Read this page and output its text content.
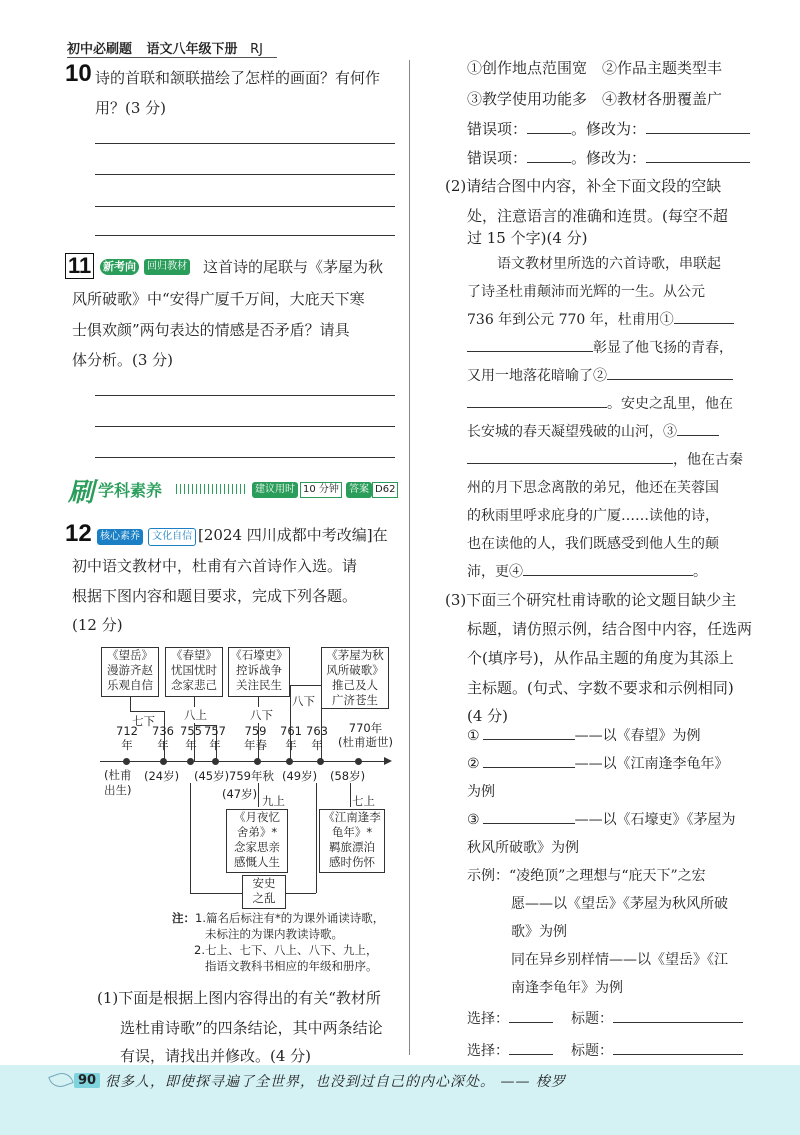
初中必刷题 语文八年级下册 RJ
10 诗的首联和颔联描绘了怎样的画面？有何作
用？(3 分)
11 新考向 回归教材 这首诗的尾联与《茅屋为秋
风所破歌》中“安得广厦千万间，大庇天下寒
士俱欢颜”两句表达的情感是否矛盾？请具
体分析。(3 分)
刷 学科素养	建议用时 10 分钟	答案 D62
12 核心素养 文化自信 [2024 四川成都中考改编]在
初中语文教材中，杜甫有六首诗作入选。请
根据下图内容和题目要求，完成下列各题。
(12 分)
《望岳》
漫游齐赵
乐观自信
《春望》
忧国忧时
念家悲己
《石壕吏》
控诉战争
关注民生
《茅屋为秋
风所破歌》
推己及人
广济苍生
七下	八上	八下
八下
712
年
736
年
755
年
757
年
759
年春
761
年
763
年
770年
(杜甫逝世)
(杜甫
出生)
(24岁) (45岁) 759年秋 (49岁) (58岁)
(47岁) 九上	七上
《月夜忆
舍弟》*
念家思亲
感慨人生
《江南逢李
龟年》*
羁旅漂泊
感时伤怀
安史
之乱
注：1.篇名后标注有*的为课外诵读诗歌，
未标注的为课内教读诗歌。
2.七上、七下、八上、八下、九上，
指语文教科书相应的年级和册序。
(1)下面是根据上图内容得出的有关“教材所
选杜甫诗歌”的四条结论，其中两条结论
有误，请找出并修改。(4 分)
①创作地点范围宽　②作品主题类型丰
③教学使用功能多　④教材各册覆盖广
错误项：	。修改为：
错误项：	。修改为：
(2)请结合图中内容，补全下面文段的空缺
处，注意语言的准确和连贯。(每空不超
过 15 个字)(4 分)
语文教材里所选的六首诗歌，串联起
了诗圣杜甫颠沛而光辉的一生。从公元
736 年到公元 770 年，杜甫用①
彰显了他飞扬的青春，
又用一地落花暗喻了②
。安史之乱里，他在
长安城的春天凝望残破的山河，③
，他在古秦
州的月下思念离散的弟兄，他还在芙蓉国
的秋雨里呼求庇身的广厦……读他的诗，
也在读他的人，我们既感受到他人生的颠
沛，更④	。
(3)下面三个研究杜甫诗歌的论文题目缺少主
标题，请仿照示例，结合图中内容，任选两
个(填序号)，从作品主题的角度为其添上
主标题。(句式、字数不要求和示例相同)
(4 分)
①	——以《春望》为例
②	——以《江南逢李龟年》
为例
③	——以《石壕吏》《茅屋为
秋风所破歌》为例
示例：“凌绝顶”之理想与“庇天下”之宏
愿——以《望岳》《茅屋为秋风所破
歌》为例
同在异乡别样情——以《望岳》《江
南逢李龟年》为例
选择：	标题：
选择：	标题：
90 很多人，即使探寻遍了全世界，也没到过自己的内心深处。 —— 梭罗
